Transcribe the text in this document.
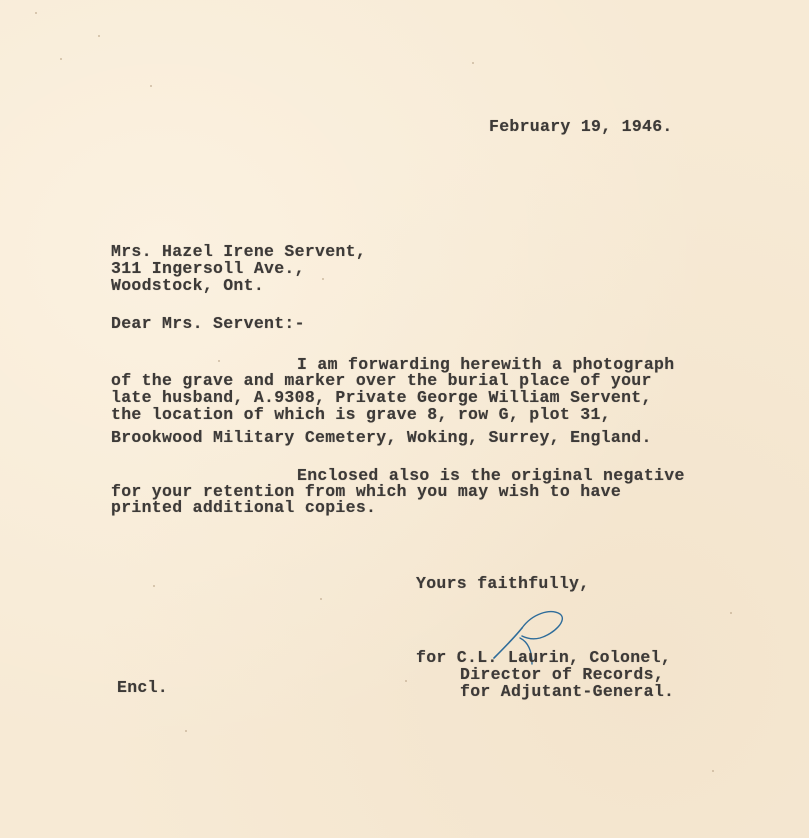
February 19, 1946.
Mrs. Hazel Irene Servent,
311 Ingersoll Ave.,
Woodstock, Ont.
Dear Mrs. Servent:-
I am forwarding herewith a photograph
of the grave and marker over the burial place of your
late husband, A.9308, Private George William Servent,
the location of which is grave 8, row G, plot 31,
Brookwood Military Cemetery, Woking, Surrey, England.
Enclosed also is the original negative
for your retention from which you may wish to have
printed additional copies.
Yours faithfully,
for C.L. Laurin, Colonel,
Director of Records,
for Adjutant-General.
Encl.
